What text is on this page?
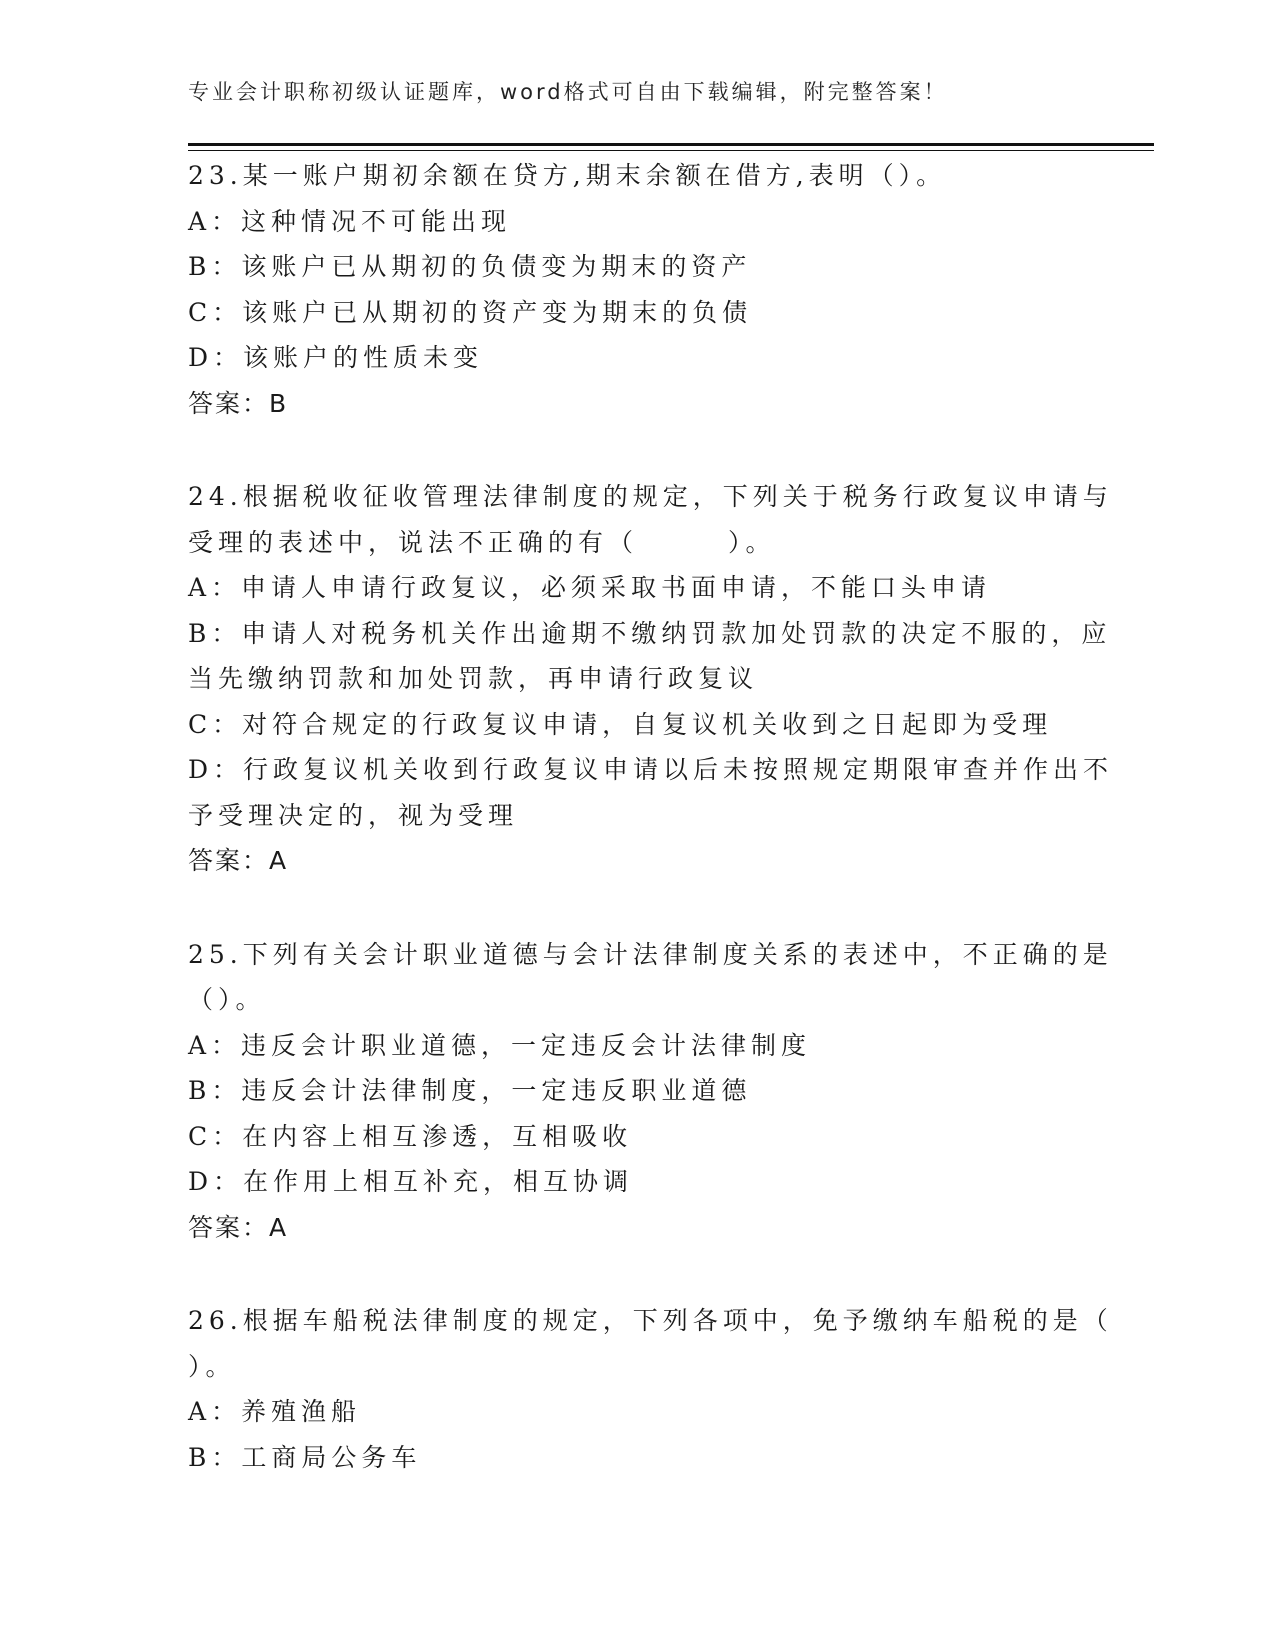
专业会计职称初级认证题库，word格式可自由下载编辑，附完整答案！
23.某一账户期初余额在贷方,期末余额在借方,表明（）。
A：这种情况不可能出现
B：该账户已从期初的负债变为期末的资产
C：该账户已从期初的资产变为期末的负债
D：该账户的性质未变
答案：B
24.根据税收征收管理法律制度的规定，下列关于税务行政复议申请与
受理的表述中，说法不正确的有（　　　）。
A：申请人申请行政复议，必须采取书面申请，不能口头申请
B：申请人对税务机关作出逾期不缴纳罚款加处罚款的决定不服的，应
当先缴纳罚款和加处罚款，再申请行政复议
C：对符合规定的行政复议申请，自复议机关收到之日起即为受理
D：行政复议机关收到行政复议申请以后未按照规定期限审查并作出不
予受理决定的，视为受理
答案：A
25.下列有关会计职业道德与会计法律制度关系的表述中，不正确的是
（）。
A：违反会计职业道德，一定违反会计法律制度
B：违反会计法律制度，一定违反职业道德
C：在内容上相互渗透，互相吸收
D：在作用上相互补充，相互协调
答案：A
26.根据车船税法律制度的规定，下列各项中，免予缴纳车船税的是（
）。
A：养殖渔船
B：工商局公务车
